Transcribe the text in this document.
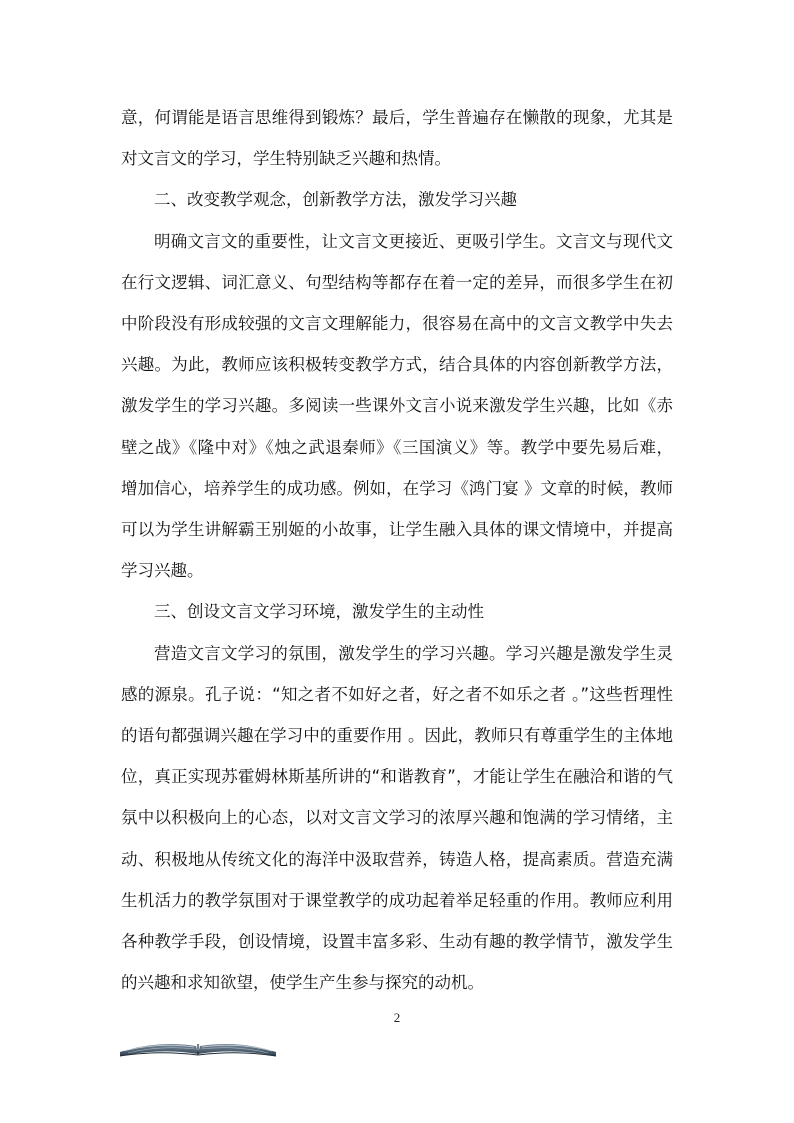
意，何谓能是语言思维得到锻炼？最后，学生普遍存在懒散的现象，尤其是对文言文的学习，学生特别缺乏兴趣和热情。

二、改变教学观念，创新教学方法，激发学习兴趣

明确文言文的重要性，让文言文更接近、更吸引学生。文言文与现代文在行文逻辑、词汇意义、句型结构等都存在着一定的差异，而很多学生在初中阶段没有形成较强的文言文理解能力，很容易在高中的文言文教学中失去兴趣。为此，教师应该积极转变教学方式，结合具体的内容创新教学方法，激发学生的学习兴趣。多阅读一些课外文言小说来激发学生兴趣，比如《赤壁之战》《隆中对》《烛之武退秦师》《三国演义》等。教学中要先易后难，增加信心，培养学生的成功感。例如，在学习《鸿门宴 》文章的时候，教师可以为学生讲解霸王别姬的小故事，让学生融入具体的课文情境中，并提高学习兴趣。

三、创设文言文学习环境，激发学生的主动性

营造文言文学习的氛围，激发学生的学习兴趣。学习兴趣是激发学生灵感的源泉。孔子说：“知之者不如好之者，好之者不如乐之者 。”这些哲理性的语句都强调兴趣在学习中的重要作用 。因此，教师只有尊重学生的主体地位，真正实现苏霍姆林斯基所讲的“和谐教育”，才能让学生在融洽和谐的气氛中以积极向上的心态，以对文言文学习的浓厚兴趣和饱满的学习情绪，主动、积极地从传统文化的海洋中汲取营养，铸造人格，提高素质。营造充满生机活力的教学氛围对于课堂教学的成功起着举足轻重的作用。教师应利用各种教学手段，创设情境，设置丰富多彩、生动有趣的教学情节，激发学生的兴趣和求知欲望，使学生产生参与探究的动机。

2
